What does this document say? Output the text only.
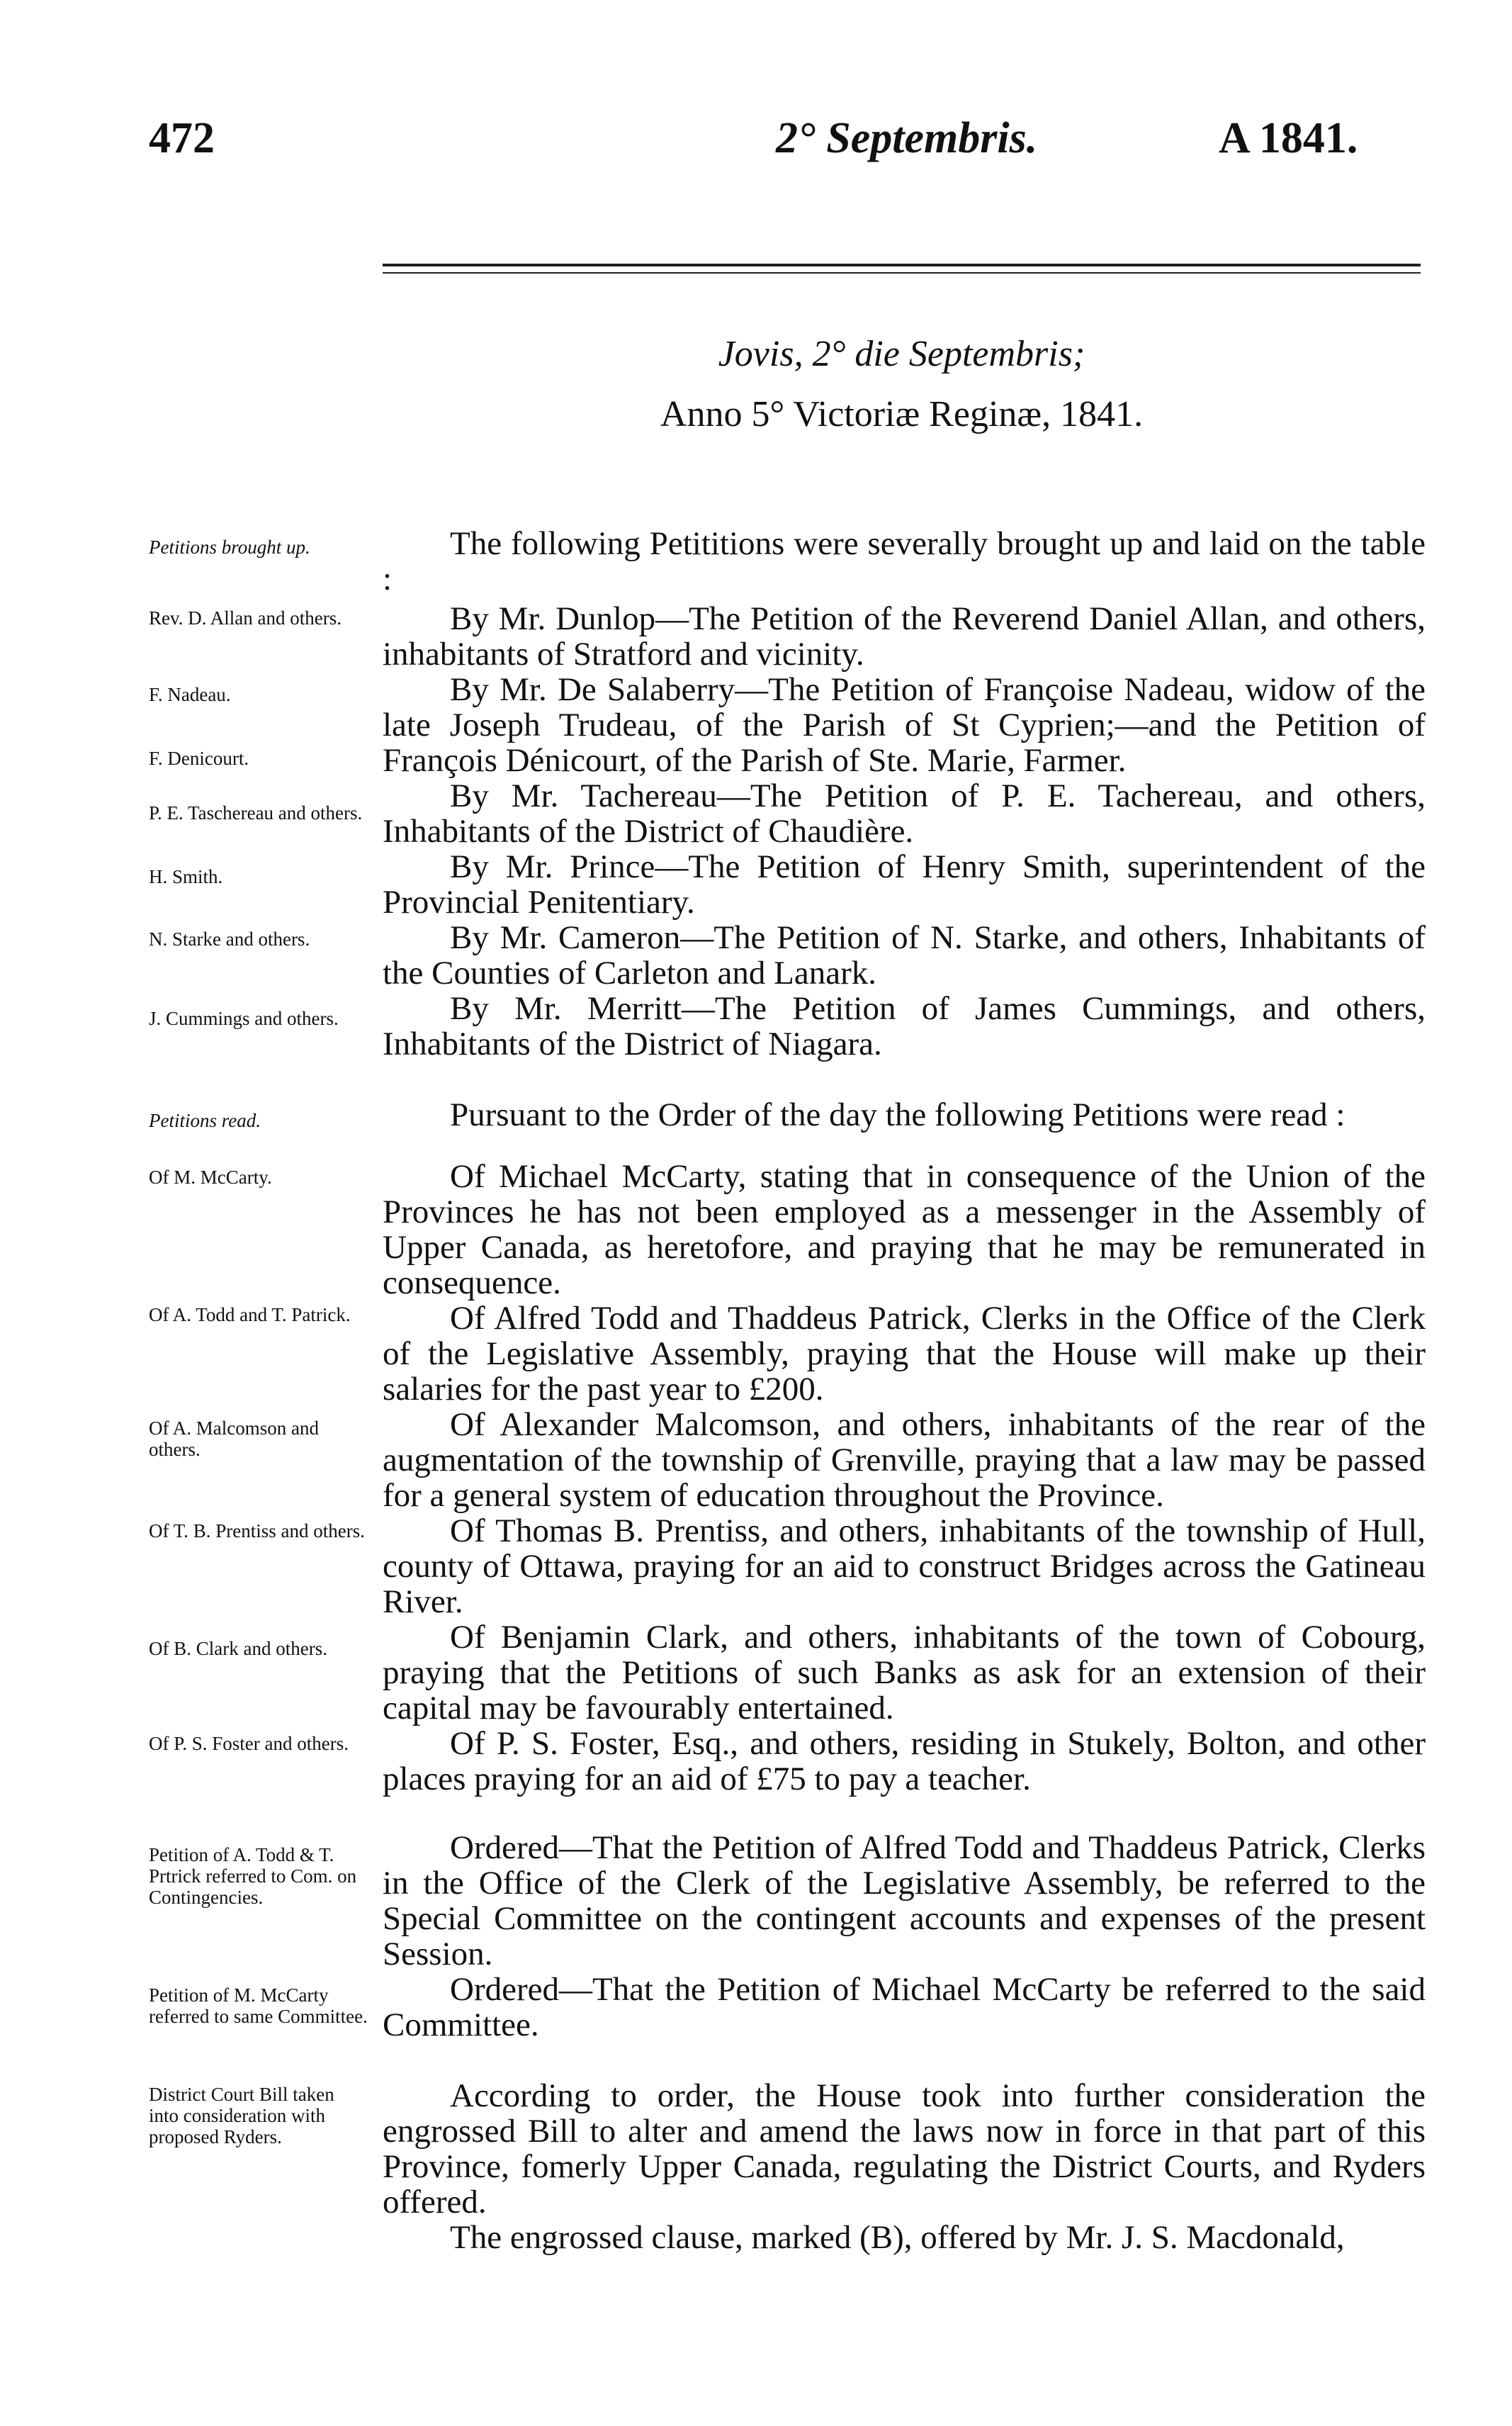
472	2° Septembris.	A 1841.
Jovis, 2° die Septembris;
Anno 5° Victoriæ Reginæ, 1841.
Petitions brought up.
Rev. D. Allan and others.
F. Nadeau.
F. Denicourt.
P. E. Taschereau and others.
H. Smith.
N. Starke and others.
J. Cummings and others.
Petitions read.
Of M. McCarty.
Of A. Todd and T. Patrick.
Of A. Malcomson and others.
Of T. B. Prentiss and others.
Of B. Clark and others.
Of P. S. Foster and others.
Petition of A. Todd & T. Prtrick referred to Com. on Contingencies.
Petition of M. McCarty referred to same Committee.
District Court Bill taken into consideration with proposed Ryders.
The following Petititions were severally brought up and laid on the table :
By Mr. Dunlop—The Petition of the Reverend Daniel Allan, and others, inhabitants of Stratford and vicinity.
By Mr. De Salaberry—The Petition of Françoise Nadeau, widow of the late Joseph Trudeau, of the Parish of St Cyprien;—and the Petition of François Dénicourt, of the Parish of Ste. Marie, Farmer.
By Mr. Tachereau—The Petition of P. E. Tachereau, and others, Inhabitants of the District of Chaudière.
By Mr. Prince—The Petition of Henry Smith, superintendent of the Provincial Penitentiary.
By Mr. Cameron—The Petition of N. Starke, and others, Inhabitants of the Counties of Carleton and Lanark.
By Mr. Merritt—The Petition of James Cummings, and others, Inhabitants of the District of Niagara.
Pursuant to the Order of the day the following Petitions were read :
Of Michael McCarty, stating that in consequence of the Union of the Provinces he has not been employed as a messenger in the Assembly of Upper Canada, as heretofore, and praying that he may be remunerated in consequence.
Of Alfred Todd and Thaddeus Patrick, Clerks in the Office of the Clerk of the Legislative Assembly, praying that the House will make up their salaries for the past year to £200.
Of Alexander Malcomson, and others, inhabitants of the rear of the augmentation of the township of Grenville, praying that a law may be passed for a general system of education throughout the Province.
Of Thomas B. Prentiss, and others, inhabitants of the township of Hull, county of Ottawa, praying for an aid to construct Bridges across the Gatineau River.
Of Benjamin Clark, and others, inhabitants of the town of Cobourg, praying that the Petitions of such Banks as ask for an extension of their capital may be favourably entertained.
Of P. S. Foster, Esq., and others, residing in Stukely, Bolton, and other places praying for an aid of £75 to pay a teacher.
Ordered—That the Petition of Alfred Todd and Thaddeus Patrick, Clerks in the Office of the Clerk of the Legislative Assembly, be referred to the Special Committee on the contingent accounts and expenses of the present Session.
Ordered—That the Petition of Michael McCarty be referred to the said Committee.
According to order, the House took into further consideration the engrossed Bill to alter and amend the laws now in force in that part of this Province, fomerly Upper Canada, regulating the District Courts, and Ryders offered.
The engrossed clause, marked (B), offered by Mr. J. S. Macdonald,
